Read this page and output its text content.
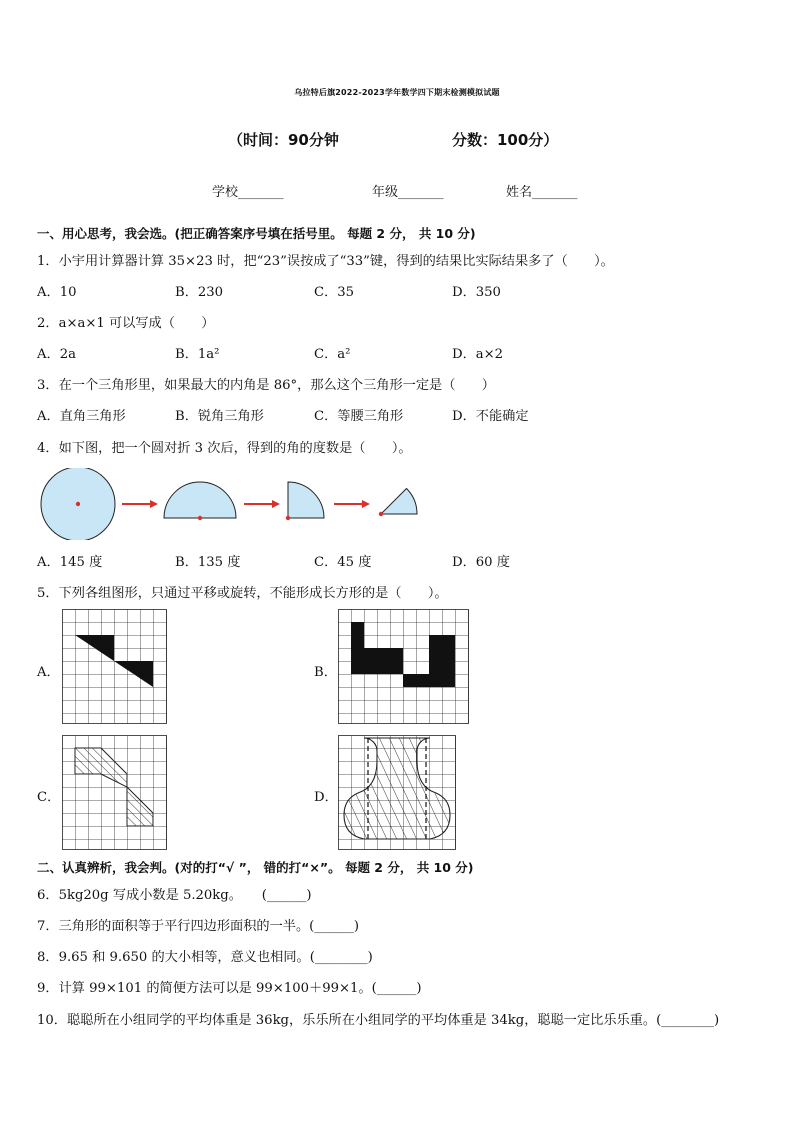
乌拉特后旗2022-2023学年数学四下期末检测模拟试题
（时间：90分钟	分数：100分）
学校_______	年级_______	姓名_______
一、用心思考，我会选。(把正确答案序号填在括号里。 每题 2 分， 共 10 分)
1．小宇用计算器计算 35×23 时，把“23”误按成了“33”键，得到的结果比实际结果多了（　　）。
A．10	B．230	C．35	D．350
2．a×a×1 可以写成（　　）
A．2a	B．1a²	C．a²	D．a×2
3．在一个三角形里，如果最大的内角是 86°，那么这个三角形一定是（　　）
A．直角三角形	B．锐角三角形	C．等腰三角形	D．不能确定
4．如下图，把一个圆对折 3 次后，得到的角的度数是（　　）。
A．145 度	B．135 度	C．45 度	D．60 度
5．下列各组图形，只通过平移或旋转，不能形成长方形的是（　　）。
A．	B．
C．	D．
二、认真辨析，我会判。(对的打“√ ”， 错的打“×”。 每题 2 分， 共 10 分)
6．5kg20g 写成小数是 5.20kg。　　(______)
7．三角形的面积等于平行四边形面积的一半。(______)
8．9.65 和 9.650 的大小相等，意义也相同。(________)
9．计算 99×101 的简便方法可以是 99×100＋99×1。(______)
10．聪聪所在小组同学的平均体重是 36kg，乐乐所在小组同学的平均体重是 34kg，聪聪一定比乐乐重。(________)
